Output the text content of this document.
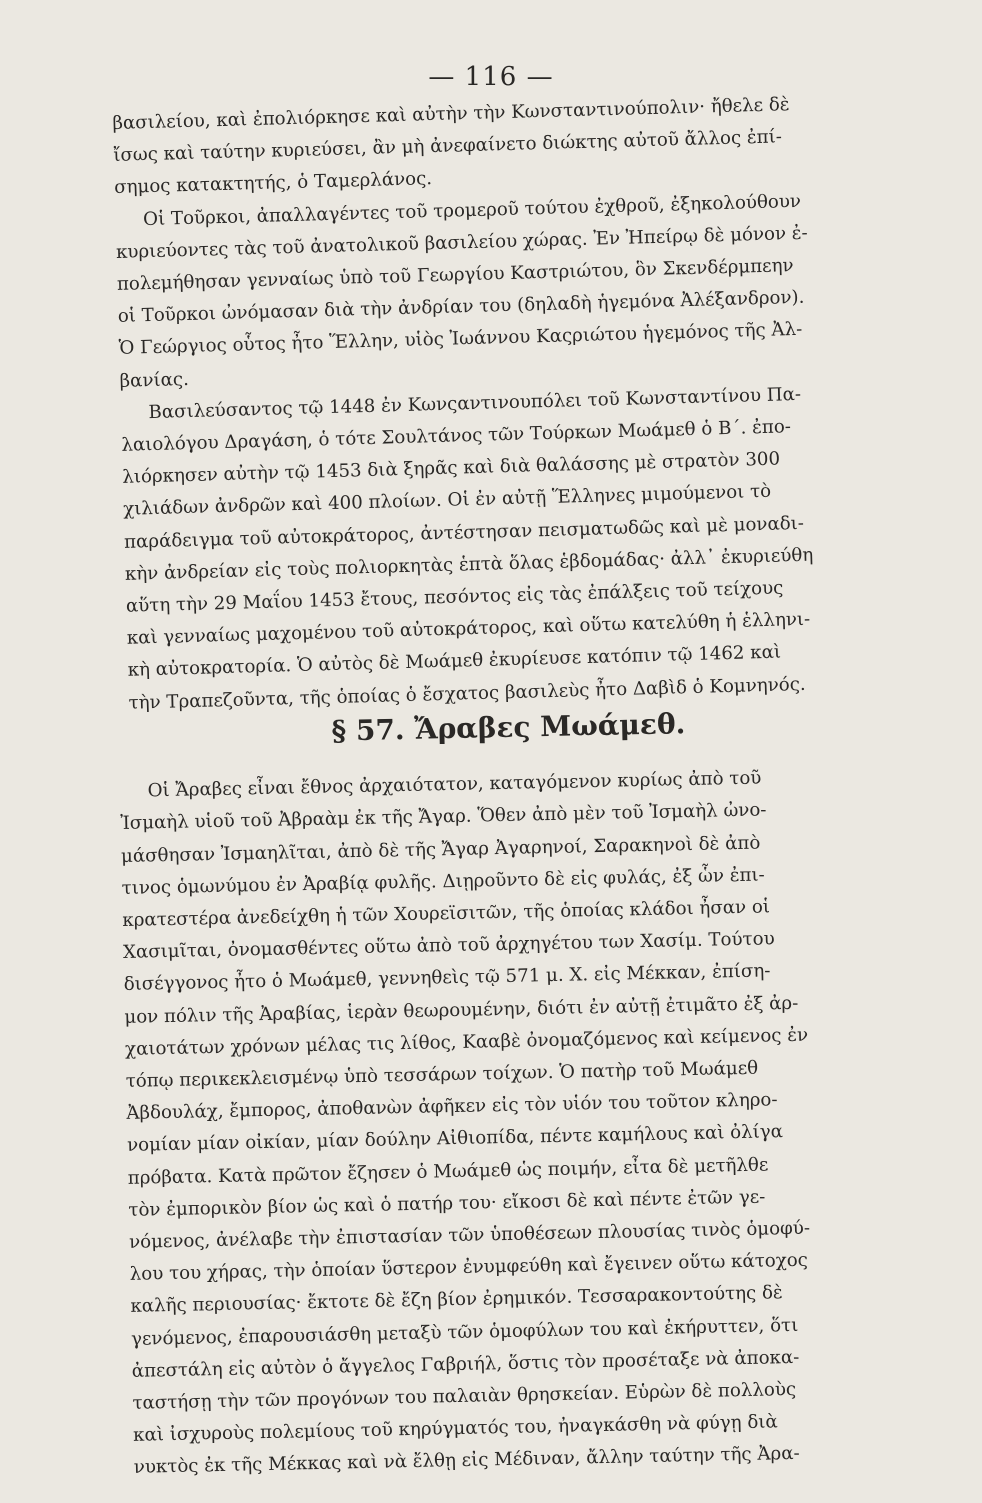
— 116 —

βασιλείου, καὶ ἐπολιόρκησε καὶ αὐτὴν τὴν Κωνσταντινούπολιν· ἤθελε δὲ
ἴσως καὶ ταύτην κυριεύσει, ἂν μὴ ἀνεφαίνετο διώκτης αὐτοῦ ἄλλος ἐπί-
σημος κατακτητής, ὁ Ταμερλάνος.

Οἱ Τοῦρκοι, ἀπαλλαγέντες τοῦ τρομεροῦ τούτου ἐχθροῦ, ἐξηκολούθουν
κυριεύοντες τὰς τοῦ ἀνατολικοῦ βασιλείου χώρας. Ἐν Ἠπείρῳ δὲ μόνον ἐ-
πολεμήθησαν γενναίως ὑπὸ τοῦ Γεωργίου Καστριώτου, ὃν Σκενδέρμπεην
οἱ Τοῦρκοι ὠνόμασαν διὰ τὴν ἀνδρίαν του (δηλαδὴ ἡγεμόνα Ἀλέξανδρον).
Ὁ Γεώργιος οὗτος ἦτο Ἕλλην, υἱὸς Ἰωάννου Καςριώτου ἡγεμόνος τῆς Ἀλ-
βανίας.

Βασιλεύσαντος τῷ 1448 ἐν Κωνςαντινουπόλει τοῦ Κωνσταντίνου Πα-
λαιολόγου Δραγάση, ὁ τότε Σουλτάνος τῶν Τούρκων Μωάμεθ ὁ Β΄. ἐπο-
λιόρκησεν αὐτὴν τῷ 1453 διὰ ξηρᾶς καὶ διὰ θαλάσσης μὲ στρατὸν 300
χιλιάδων ἀνδρῶν καὶ 400 πλοίων. Οἱ ἐν αὐτῇ Ἕλληνες μιμούμενοι τὸ
παράδειγμα τοῦ αὐτοκράτορος, ἀντέστησαν πεισματωδῶς καὶ μὲ μοναδι-
κὴν ἀνδρείαν εἰς τοὺς πολιορκητὰς ἑπτὰ ὅλας ἑβδομάδας· ἀλλ᾽ ἐκυριεύθη
αὕτη τὴν 29 Μαΐου 1453 ἔτους, πεσόντος εἰς τὰς ἐπάλξεις τοῦ τείχους
καὶ γενναίως μαχομένου τοῦ αὐτοκράτορος, καὶ οὕτω κατελύθη ἡ ἑλληνι-
κὴ αὐτοκρατορία. Ὁ αὐτὸς δὲ Μωάμεθ ἐκυρίευσε κατόπιν τῷ 1462 καὶ
τὴν Τραπεζοῦντα, τῆς ὁποίας ὁ ἔσχατος βασιλεὺς ἦτο Δαβὶδ ὁ Κομνηνός.

§ 57. Ἄραβες Μωάμεθ.

Οἱ Ἄραβες εἶναι ἔθνος ἀρχαιότατον, καταγόμενον κυρίως ἀπὸ τοῦ
Ἰσμαὴλ υἱοῦ τοῦ Ἀβραὰμ ἐκ τῆς Ἄγαρ. Ὅθεν ἀπὸ μὲν τοῦ Ἰσμαὴλ ὠνο-
μάσθησαν Ἰσμαηλῖται, ἀπὸ δὲ τῆς Ἄγαρ Ἀγαρηνοί, Σαρακηνοὶ δὲ ἀπὸ
τινος ὁμωνύμου ἐν Ἀραβίᾳ φυλῆς. Διῃροῦντο δὲ εἰς φυλάς, ἐξ ὧν ἐπι-
κρατεστέρα ἀνεδείχθη ἡ τῶν Χουρεϊσιτῶν, τῆς ὁποίας κλάδοι ἦσαν οἱ
Χασιμῖται, ὀνομασθέντες οὕτω ἀπὸ τοῦ ἀρχηγέτου των Χασίμ. Τούτου
δισέγγονος ἦτο ὁ Μωάμεθ, γεννηθεὶς τῷ 571 μ. Χ. εἰς Μέκκαν, ἐπίση-
μον πόλιν τῆς Ἀραβίας, ἱερὰν θεωρουμένην, διότι ἐν αὐτῇ ἐτιμᾶτο ἐξ ἀρ-
χαιοτάτων χρόνων μέλας τις λίθος, Κααβὲ ὀνομαζόμενος καὶ κείμενος ἐν
τόπῳ περικεκλεισμένῳ ὑπὸ τεσσάρων τοίχων. Ὁ πατὴρ τοῦ Μωάμεθ
Ἀβδουλάχ, ἔμπορος, ἀποθανὼν ἀφῆκεν εἰς τὸν υἱόν του τοῦτον κληρο-
νομίαν μίαν οἰκίαν, μίαν δούλην Αἰθιοπίδα, πέντε καμήλους καὶ ὀλίγα
πρόβατα. Κατὰ πρῶτον ἔζησεν ὁ Μωάμεθ ὡς ποιμήν, εἶτα δὲ μετῆλθε
τὸν ἐμπορικὸν βίον ὡς καὶ ὁ πατήρ του· εἴκοσι δὲ καὶ πέντε ἐτῶν γε-
νόμενος, ἀνέλαβε τὴν ἐπιστασίαν τῶν ὑποθέσεων πλουσίας τινὸς ὁμοφύ-
λου του χήρας, τὴν ὁποίαν ὕστερον ἐνυμφεύθη καὶ ἔγεινεν οὕτω κάτοχος
καλῆς περιουσίας· ἔκτοτε δὲ ἔζη βίον ἐρημικόν. Τεσσαρακοντούτης δὲ
γενόμενος, ἐπαρουσιάσθη μεταξὺ τῶν ὁμοφύλων του καὶ ἐκήρυττεν, ὅτι
ἀπεστάλη εἰς αὐτὸν ὁ ἄγγελος Γαβριήλ, ὅστις τὸν προσέταξε νὰ ἀποκα-
ταστήσῃ τὴν τῶν προγόνων του παλαιὰν θρησκείαν. Εὑρὼν δὲ πολλοὺς
καὶ ἰσχυροὺς πολεμίους τοῦ κηρύγματός του, ἠναγκάσθη νὰ φύγῃ διὰ
νυκτὸς ἐκ τῆς Μέκκας καὶ νὰ ἔλθῃ εἰς Μέδιναν, ἄλλην ταύτην τῆς Ἀρα-
